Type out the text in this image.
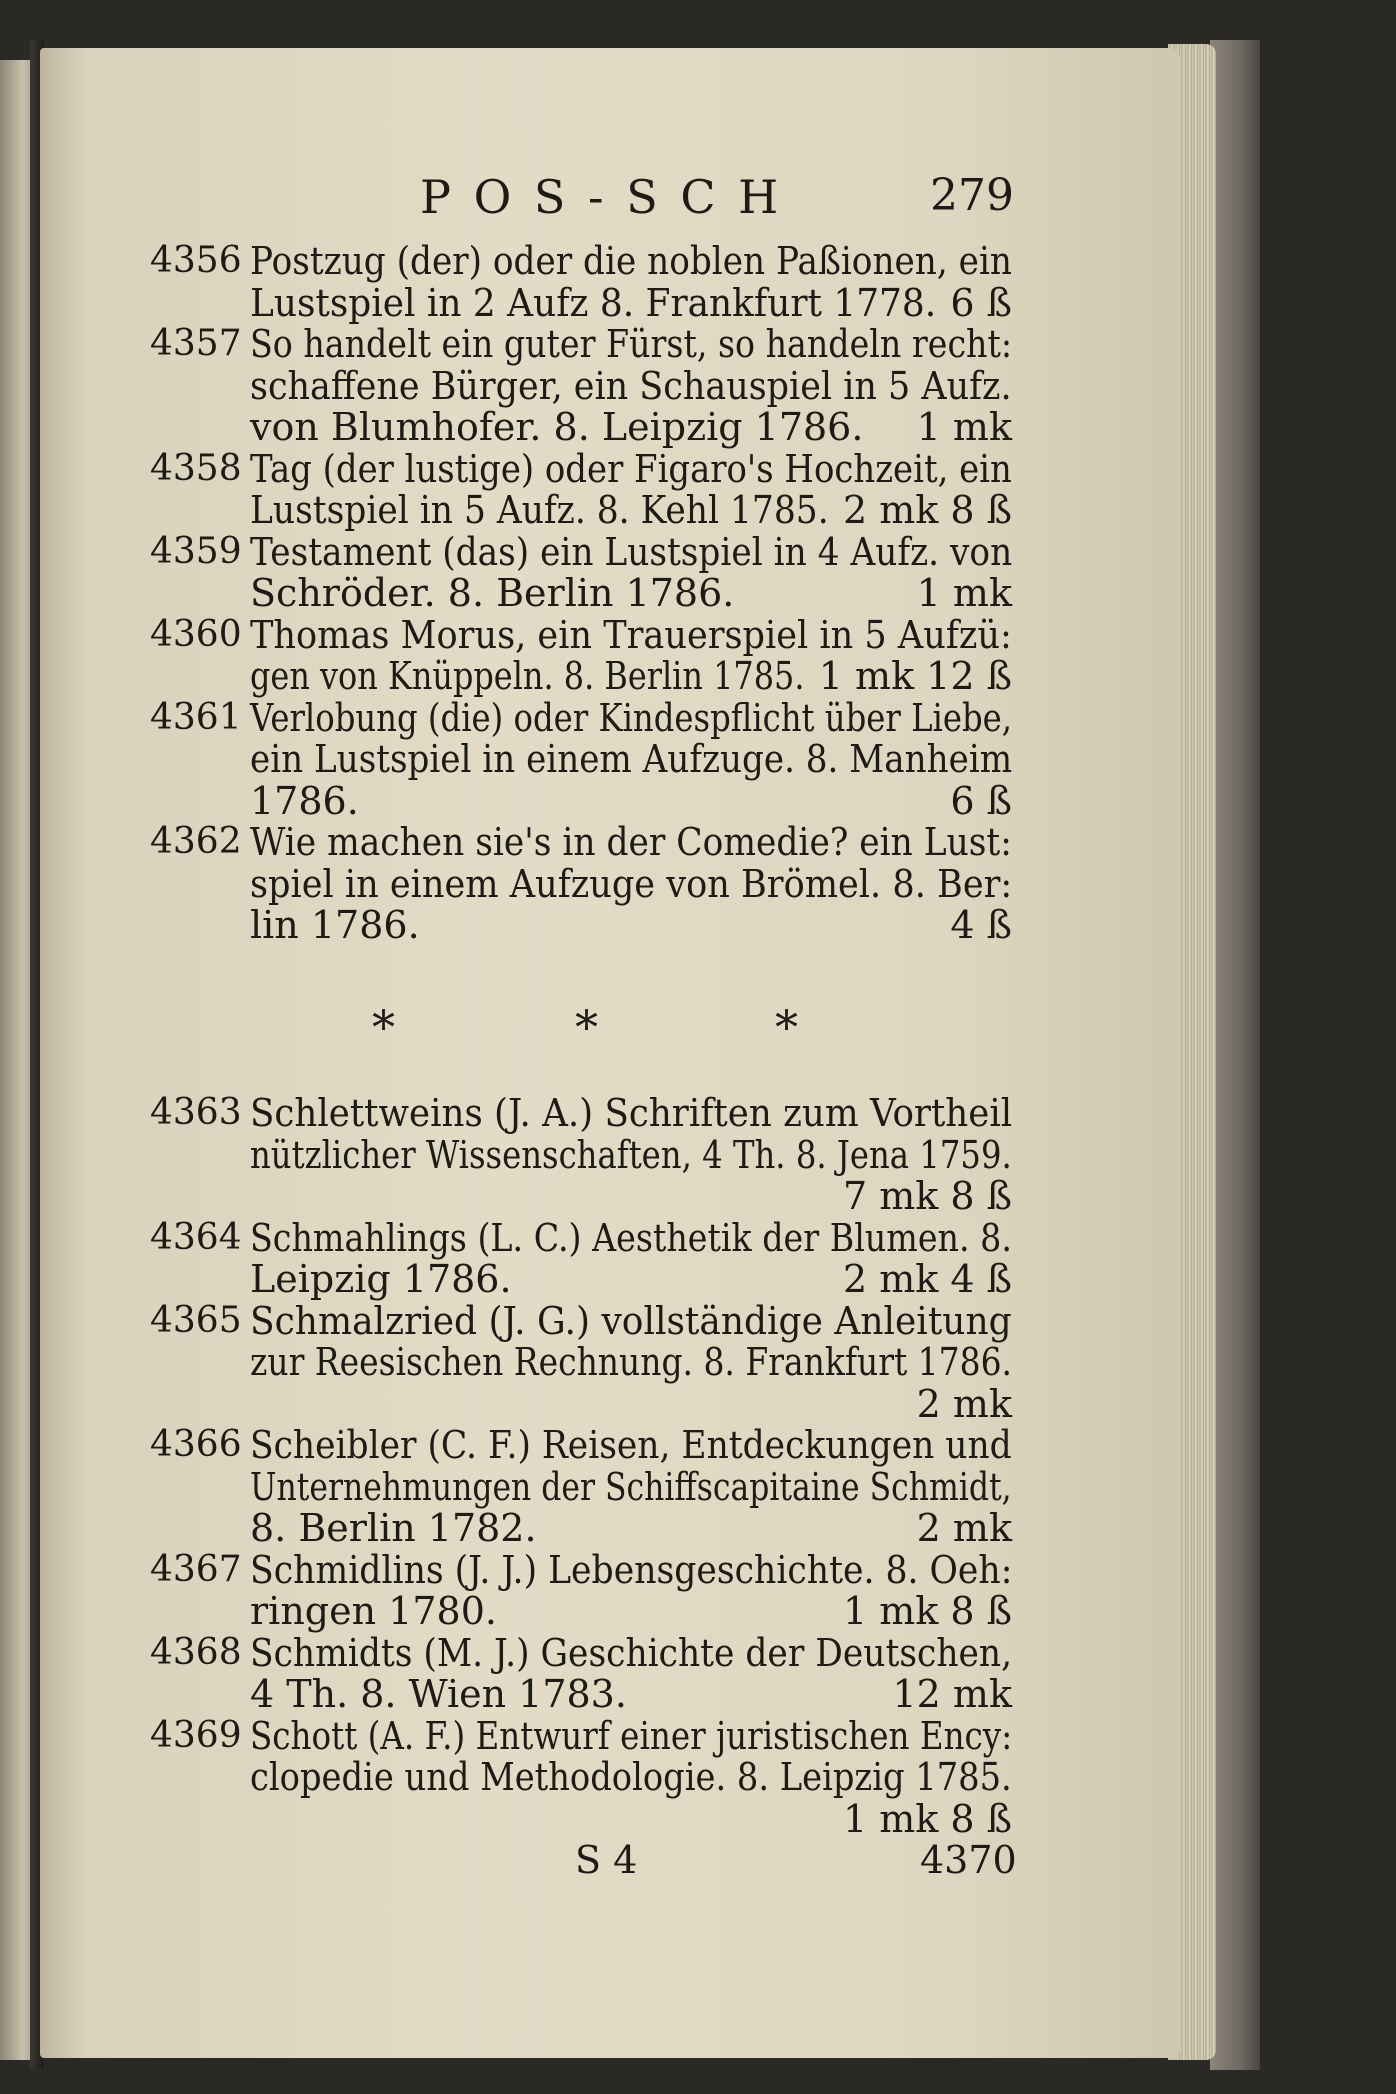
P O S - S C H	279
4356 Postzug (der) oder die noblen Paßionen, ein
Lustspiel in 2 Aufz 8. Frankfurt 1778. 6 ß
4357 So handelt ein guter Fürst, so handeln recht:
schaffene Bürger, ein Schauspiel in 5 Aufz.
von Blumhofer. 8. Leipzig 1786. 1 mk
4358 Tag (der lustige) oder Figaro's Hochzeit, ein
Lustspiel in 5 Aufz. 8. Kehl 1785. 2 mk 8 ß
4359 Testament (das) ein Lustspiel in 4 Aufz. von
Schröder. 8. Berlin 1786.	1 mk
4360 Thomas Morus, ein Trauerspiel in 5 Aufzü:
gen von Knüppeln. 8. Berlin 1785. 1 mk 12 ß
4361 Verlobung (die) oder Kindespflicht über Liebe,
ein Lustspiel in einem Aufzuge. 8. Manheim
1786.	6 ß
4362 Wie machen sie's in der Comedie? ein Lust:
spiel in einem Aufzuge von Brömel. 8. Ber:
lin 1786.	4 ß
*	*	*
4363 Schlettweins (J. A.) Schriften zum Vortheil
nützlicher Wissenschaften, 4 Th. 8. Jena 1759.
7 mk 8 ß
4364 Schmahlings (L. C.) Aesthetik der Blumen. 8.
Leipzig 1786.	2 mk 4 ß
4365 Schmalzried (J. G.) vollständige Anleitung
zur Reesischen Rechnung. 8. Frankfurt 1786.
2 mk
4366 Scheibler (C. F.) Reisen, Entdeckungen und
Unternehmungen der Schiffscapitaine Schmidt,
8. Berlin 1782.	2 mk
4367 Schmidlins (J. J.) Lebensgeschichte. 8. Oeh:
ringen 1780.	1 mk 8 ß
4368 Schmidts (M. J.) Geschichte der Deutschen,
4 Th. 8. Wien 1783.	12 mk
4369 Schott (A. F.) Entwurf einer juristischen Ency:
clopedie und Methodologie. 8. Leipzig 1785.
1 mk 8 ß
S 4	4370
